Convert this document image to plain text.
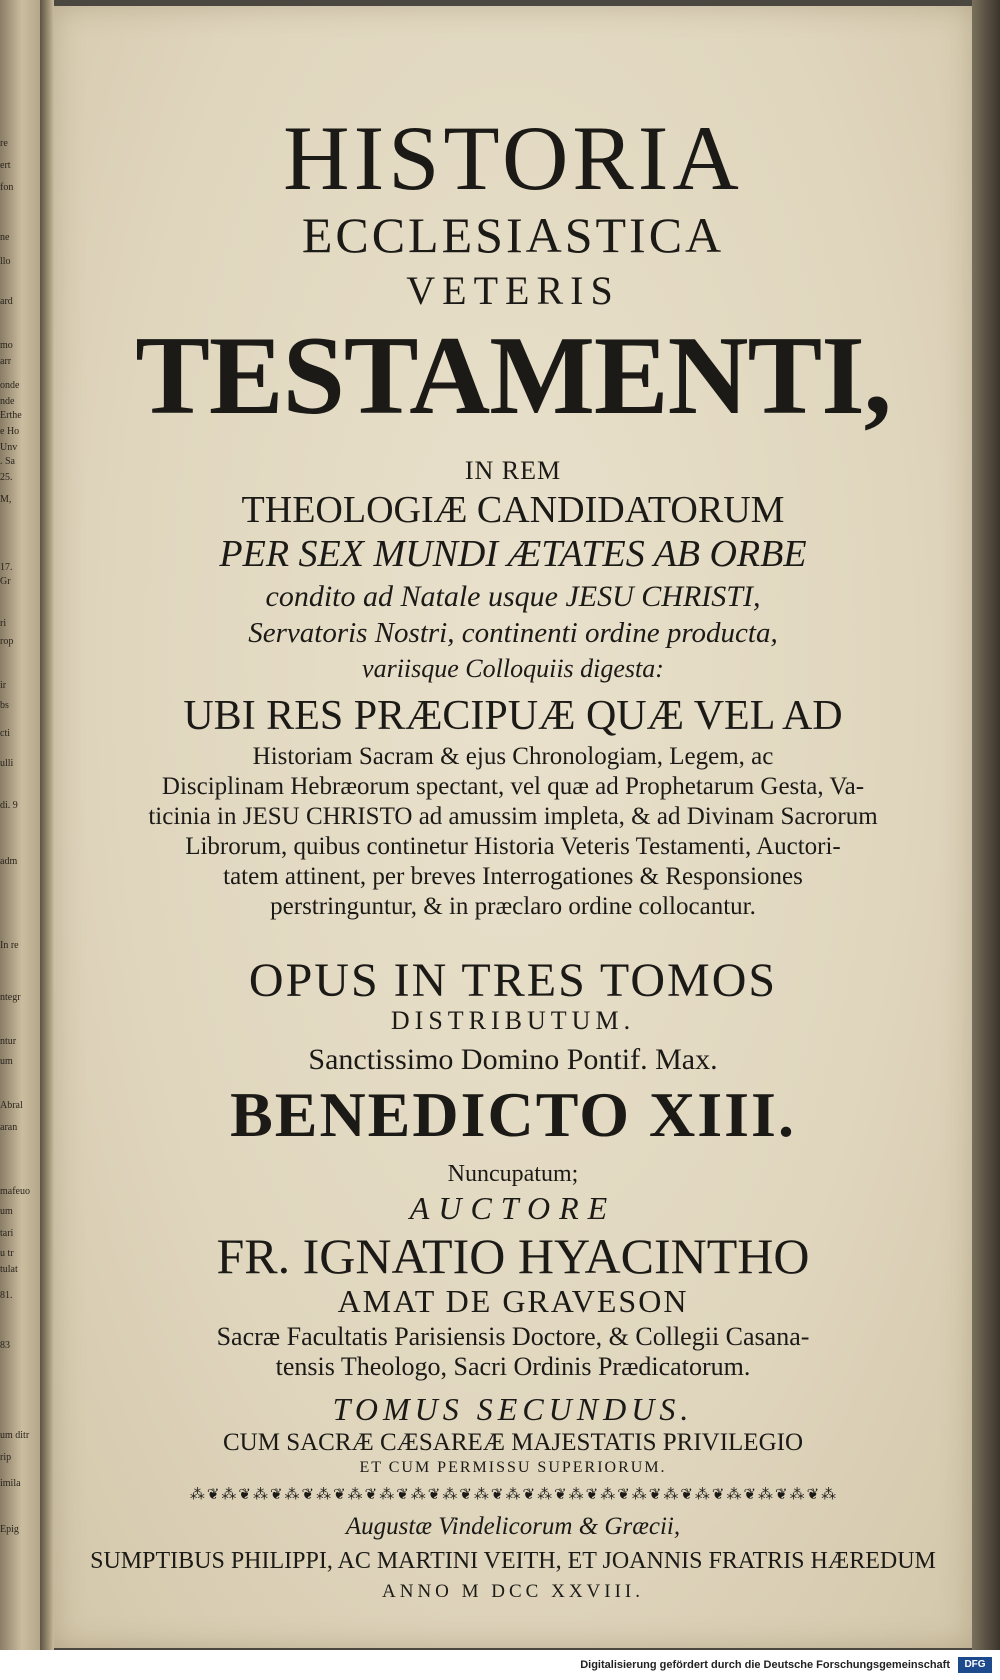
re
ert
fon
ne
llo
ard
mo
arr
onde
nde
Erthe
e Ho
Unv
. Sa
25.
M,
17.
Gr
ri
rop
ir
bs
cti
ulli
di. 9
adm
In re
ntegr
ntur
um
Abral
aran
mafeuo
um
tari
u tr
tulat
81.
83
um ditr
rip
imila
Epig
HISTORIA
ECCLESIASTICA
VETERIS
TESTAMENTI,
IN REM
THEOLOGIÆ CANDIDATORUM
PER SEX MUNDI ÆTATES AB ORBE
condito ad Natale usque JESU CHRISTI,
Servatoris Nostri, continenti ordine producta,
variisque Colloquiis digesta:
UBI RES PRÆCIPUÆ QUÆ VEL AD
Historiam Sacram & ejus Chronologiam, Legem, ac
Disciplinam Hebræorum spectant, vel quæ ad Prophetarum Gesta, Va-
ticinia in JESU CHRISTO ad amussim impleta, & ad Divinam Sacrorum
Librorum, quibus continetur Historia Veteris Testamenti, Auctori-
tatem attinent, per breves Interrogationes & Responsiones
perstringuntur, & in præclaro ordine collocantur.
OPUS IN TRES TOMOS
DISTRIBUTUM.
Sanctissimo Domino Pontif. Max.
BENEDICTO XIII.
Nuncupatum;
AUCTORE
FR. IGNATIO HYACINTHO
AMAT DE GRAVESON
Sacræ Facultatis Parisiensis Doctore, & Collegii Casana-
tensis Theologo, Sacri Ordinis Prædicatorum.
TOMUS SECUNDUS.
CUM SACRÆ CÆSAREÆ MAJESTATIS PRIVILEGIO
ET CUM PERMISSU SUPERIORUM.
⁂❦⁂❦⁂❦⁂❦⁂❦⁂❦⁂❦⁂❦⁂❦⁂❦⁂❦⁂❦⁂❦⁂❦⁂❦⁂❦⁂❦⁂❦⁂❦⁂❦⁂
Augustæ Vindelicorum & Græcii,
SUMPTIBUS PHILIPPI, AC MARTINI VEITH, ET JOANNIS FRATRIS HÆREDUM
ANNO M DCC XXVIII.
Digitalisierung gefördert durch die Deutsche Forschungsgemeinschaft	DFG
